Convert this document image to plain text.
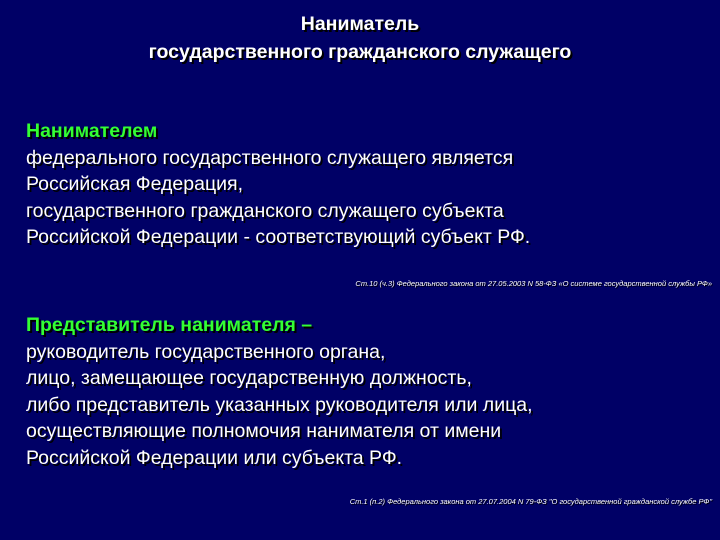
Наниматель
государственного гражданского служащего
Нанимателем
федерального государственного служащего является
Российская Федерация,
государственного гражданского служащего субъекта
Российской Федерации - соответствующий субъект РФ.
Ст.10 (ч.3) Федерального закона от 27.05.2003 N 58-ФЗ «О системе государственной службы РФ»
Представитель нанимателя –
руководитель государственного органа,
лицо, замещающее государственную должность,
либо представитель указанных руководителя или лица,
осуществляющие полномочия нанимателя от имени
Российской Федерации или субъекта РФ.
Ст.1 (п.2) Федерального закона от 27.07.2004 N 79-ФЗ "О государственной гражданской службе РФ"
